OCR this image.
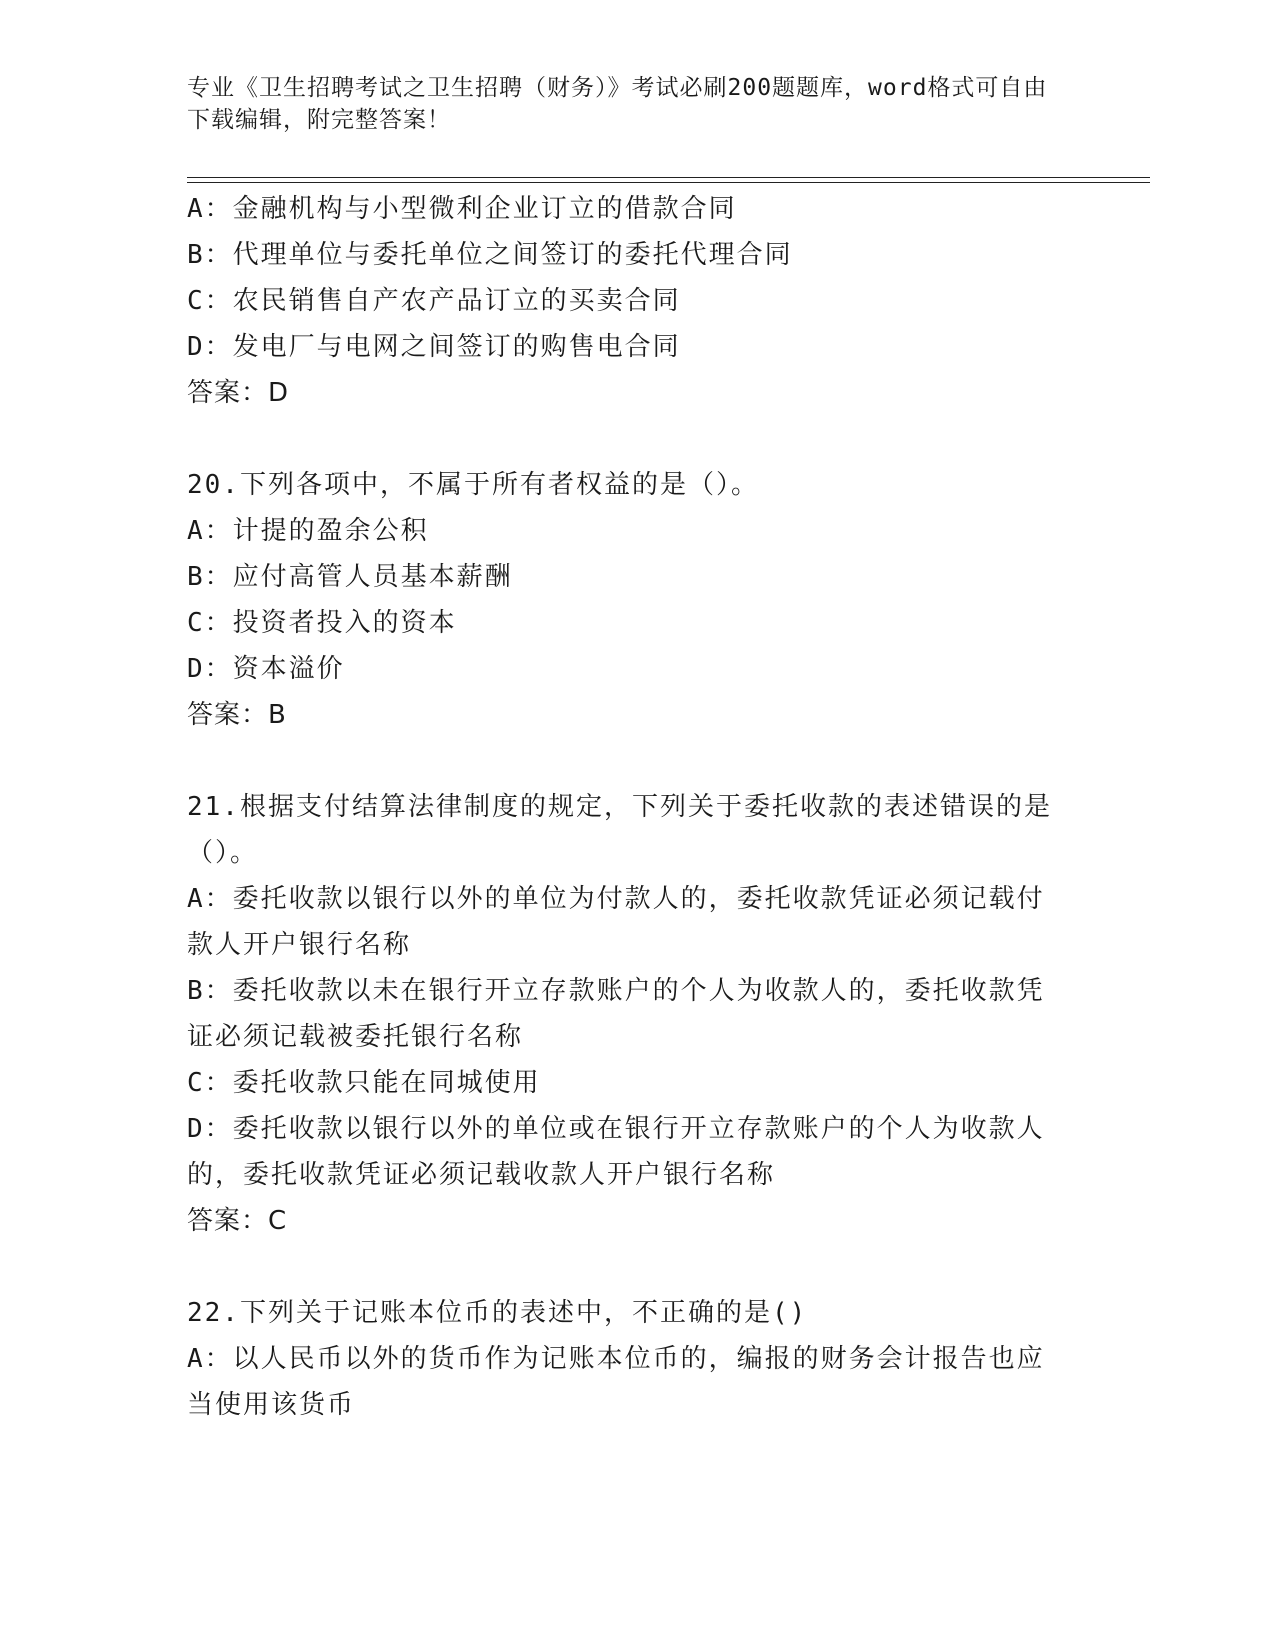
专业《卫生招聘考试之卫生招聘（财务）》考试必刷200题题库，word格式可自由下载编辑，附完整答案！
A：金融机构与小型微利企业订立的借款合同
B：代理单位与委托单位之间签订的委托代理合同
C：农民销售自产农产品订立的买卖合同
D：发电厂与电网之间签订的购售电合同
答案：D
20.下列各项中，不属于所有者权益的是（）。
A：计提的盈余公积
B：应付高管人员基本薪酬
C：投资者投入的资本
D：资本溢价
答案：B
21.根据支付结算法律制度的规定，下列关于委托收款的表述错误的是
（）。
A：委托收款以银行以外的单位为付款人的，委托收款凭证必须记载付
款人开户银行名称
B：委托收款以未在银行开立存款账户的个人为收款人的，委托收款凭
证必须记载被委托银行名称
C：委托收款只能在同城使用
D：委托收款以银行以外的单位或在银行开立存款账户的个人为收款人
的，委托收款凭证必须记载收款人开户银行名称
答案：C
22.下列关于记账本位币的表述中，不正确的是()
A：以人民币以外的货币作为记账本位币的，编报的财务会计报告也应
当使用该货币
